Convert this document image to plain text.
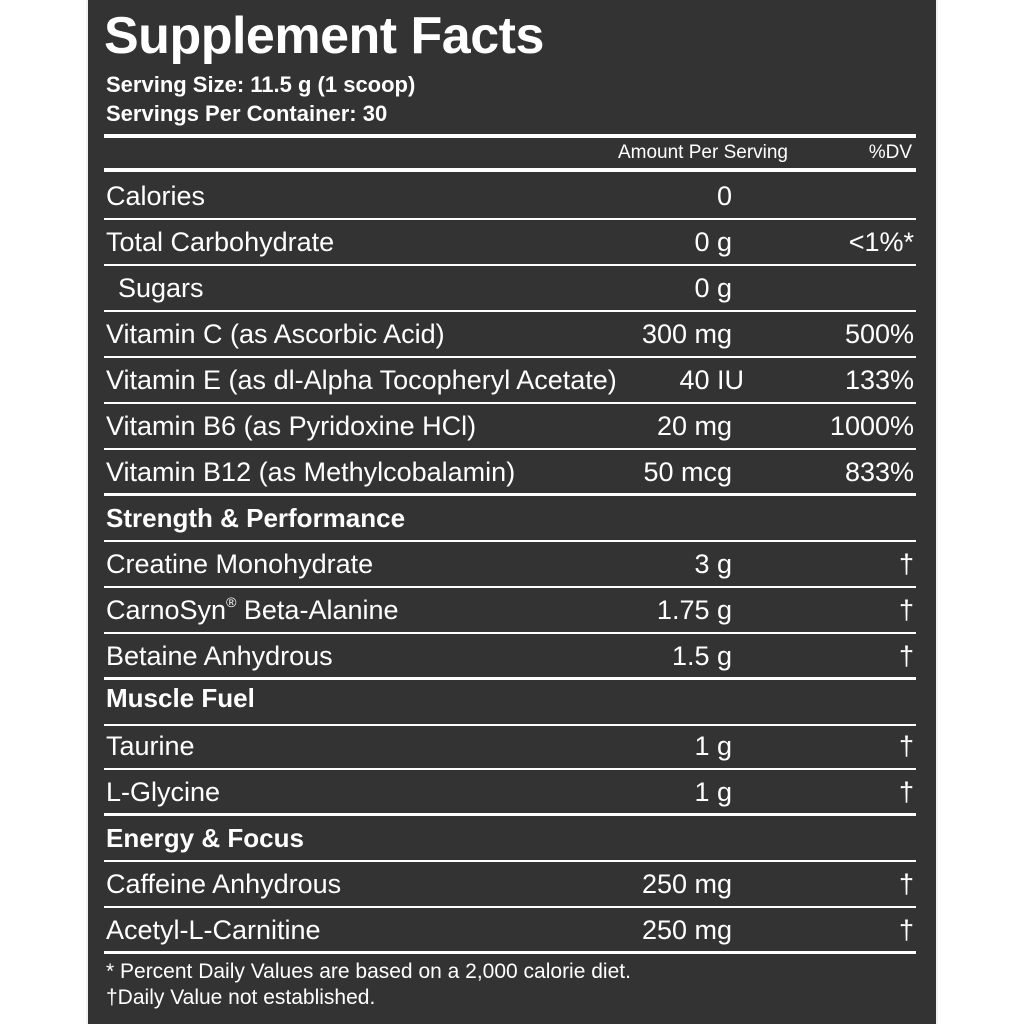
Supplement Facts
Serving Size: 11.5 g (1 scoop)
Servings Per Container: 30
Amount Per Serving	%DV
Calories	0
Total Carbohydrate	0 g	<1%*
Sugars	0 g
Vitamin C (as Ascorbic Acid)	300 mg	500%
Vitamin E (as dl-Alpha Tocopheryl Acetate) 40 IU	133%
Vitamin B6 (as Pyridoxine HCl)	20 mg	1000%
Vitamin B12 (as Methylcobalamin)	50 mcg	833%
Strength & Performance
Creatine Monohydrate	3 g	†
CarnoSyn® Beta-Alanine	1.75 g	†
Betaine Anhydrous	1.5 g	†
Muscle Fuel
Taurine	1 g	†
L-Glycine	1 g	†
Energy & Focus
Caffeine Anhydrous	250 mg	†
Acetyl-L-Carnitine	250 mg	†
* Percent Daily Values are based on a 2,000 calorie diet.
†Daily Value not established.
